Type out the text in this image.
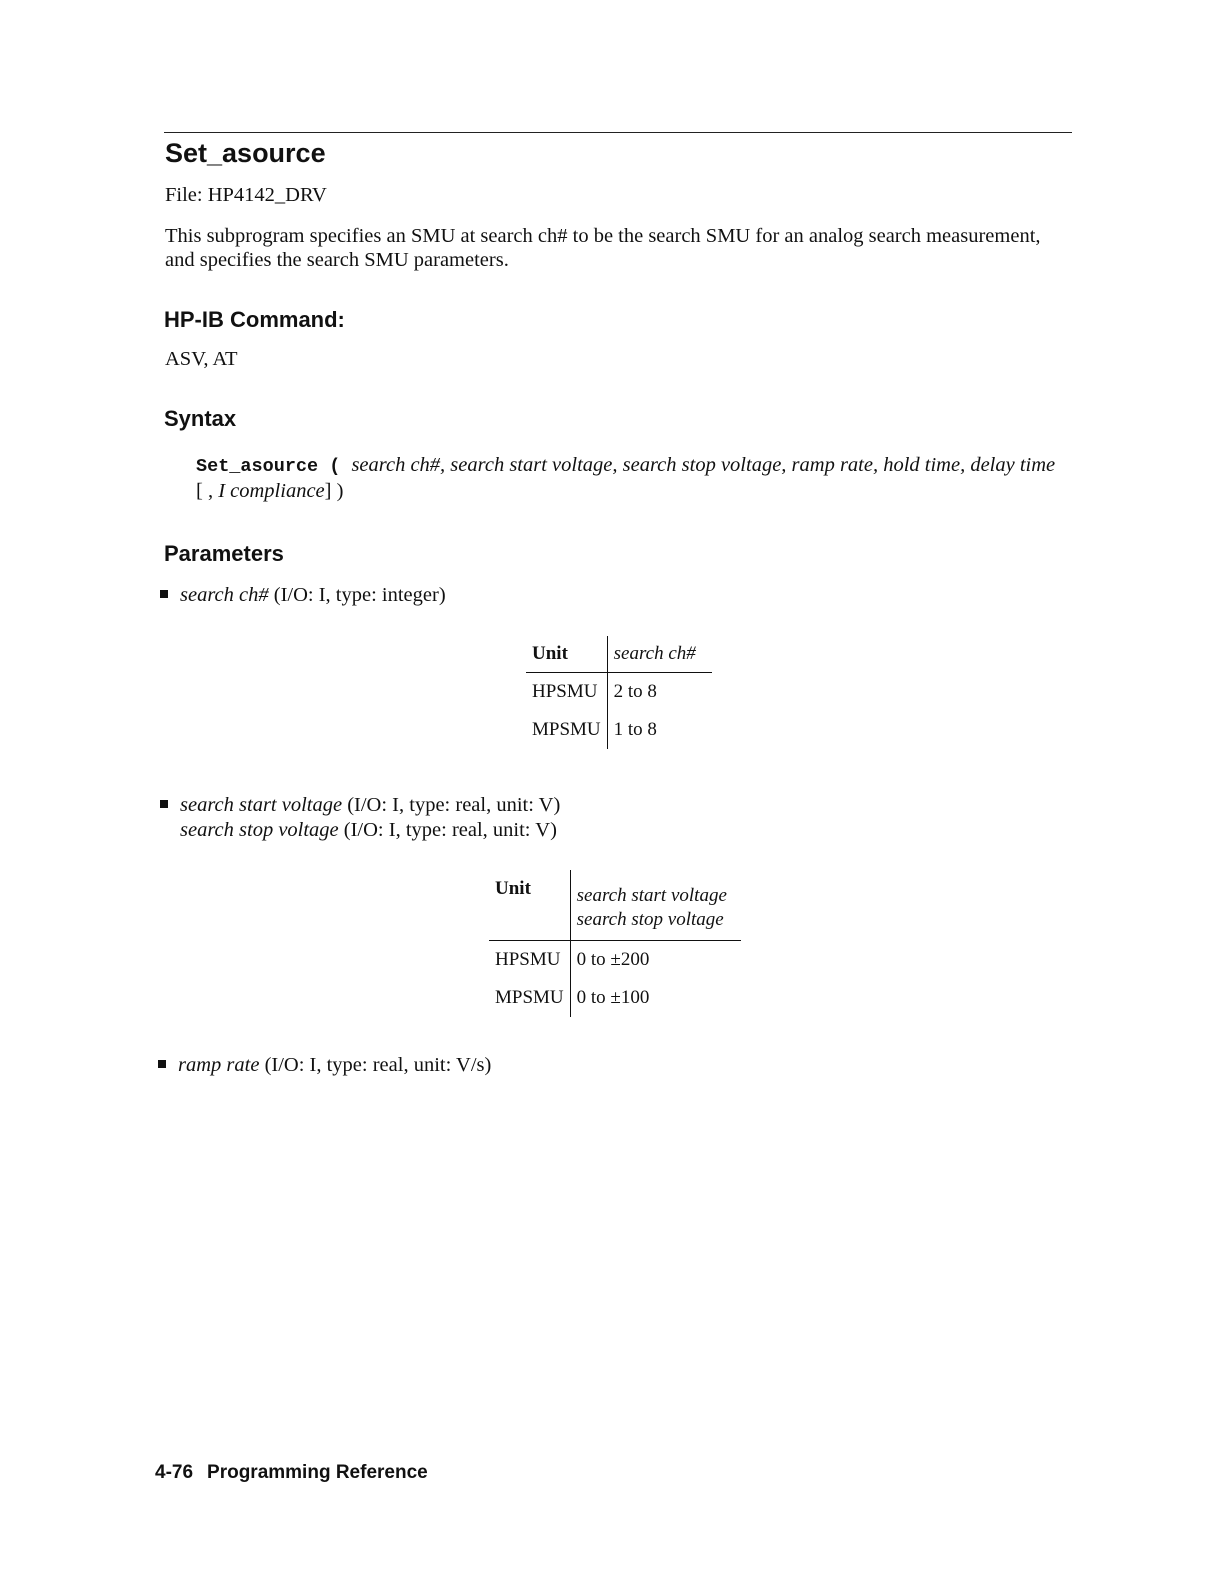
Set_asource
File: HP4142_DRV
This subprogram specifies an SMU at search ch# to be the search SMU for an analog search measurement, and specifies the search SMU parameters.
HP-IB Command:
ASV, AT
Syntax
Set_asource ( search ch#, search start voltage, search stop voltage, ramp rate, hold time, delay time [ , I compliance] )
Parameters
search ch# (I/O: I, type: integer)
Unit	search ch#
HPSMU	2 to 8
MPSMU	1 to 8
search start voltage (I/O: I, type: real, unit: V)
search stop voltage (I/O: I, type: real, unit: V)
Unit	search start voltage
search stop voltage

HPSMU	0 to ±200
MPSMU	0 to ±100
ramp rate (I/O: I, type: real, unit: V/s)
4-76 Programming Reference
